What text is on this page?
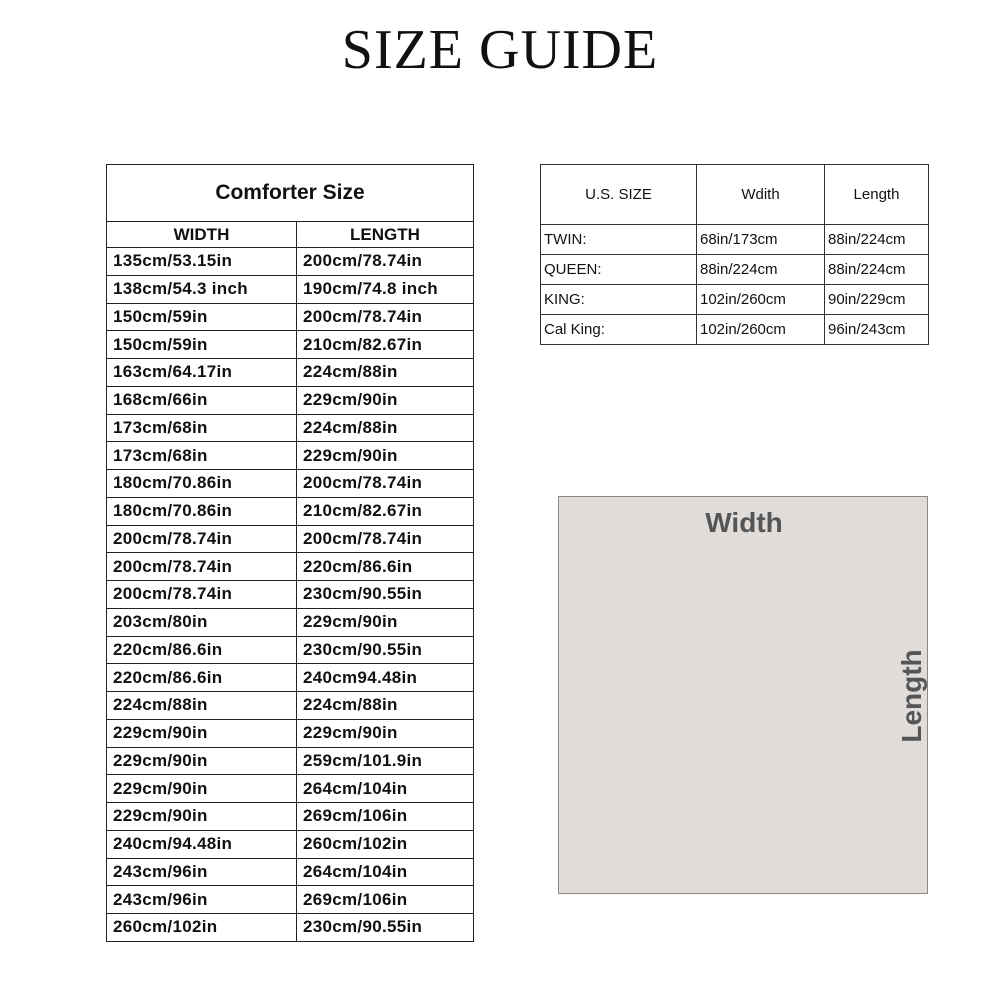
SIZE GUIDE
Comforter Size	
WIDTH	LENGTH
135cm/53.15in	200cm/78.74in
138cm/54.3 inch	190cm/74.8 inch
150cm/59in	200cm/78.74in
150cm/59in	210cm/82.67in
163cm/64.17in	224cm/88in
168cm/66in	229cm/90in
173cm/68in	224cm/88in
173cm/68in	229cm/90in
180cm/70.86in	200cm/78.74in
180cm/70.86in	210cm/82.67in
200cm/78.74in	200cm/78.74in
200cm/78.74in	220cm/86.6in
200cm/78.74in	230cm/90.55in
203cm/80in	229cm/90in
220cm/86.6in	230cm/90.55in
220cm/86.6in	240cm94.48in
224cm/88in	224cm/88in
229cm/90in	229cm/90in
229cm/90in	259cm/101.9in
229cm/90in	264cm/104in
229cm/90in	269cm/106in
240cm/94.48in	260cm/102in
243cm/96in	264cm/104in
243cm/96in	269cm/106in
260cm/102in	230cm/90.55in
U.S. SIZE	Wdith	Length
TWIN:	68in/173cm	88in/224cm
QUEEN:	88in/224cm	88in/224cm
KING:	102in/260cm	90in/229cm
Cal King:	102in/260cm	96in/243cm
Width
Length
